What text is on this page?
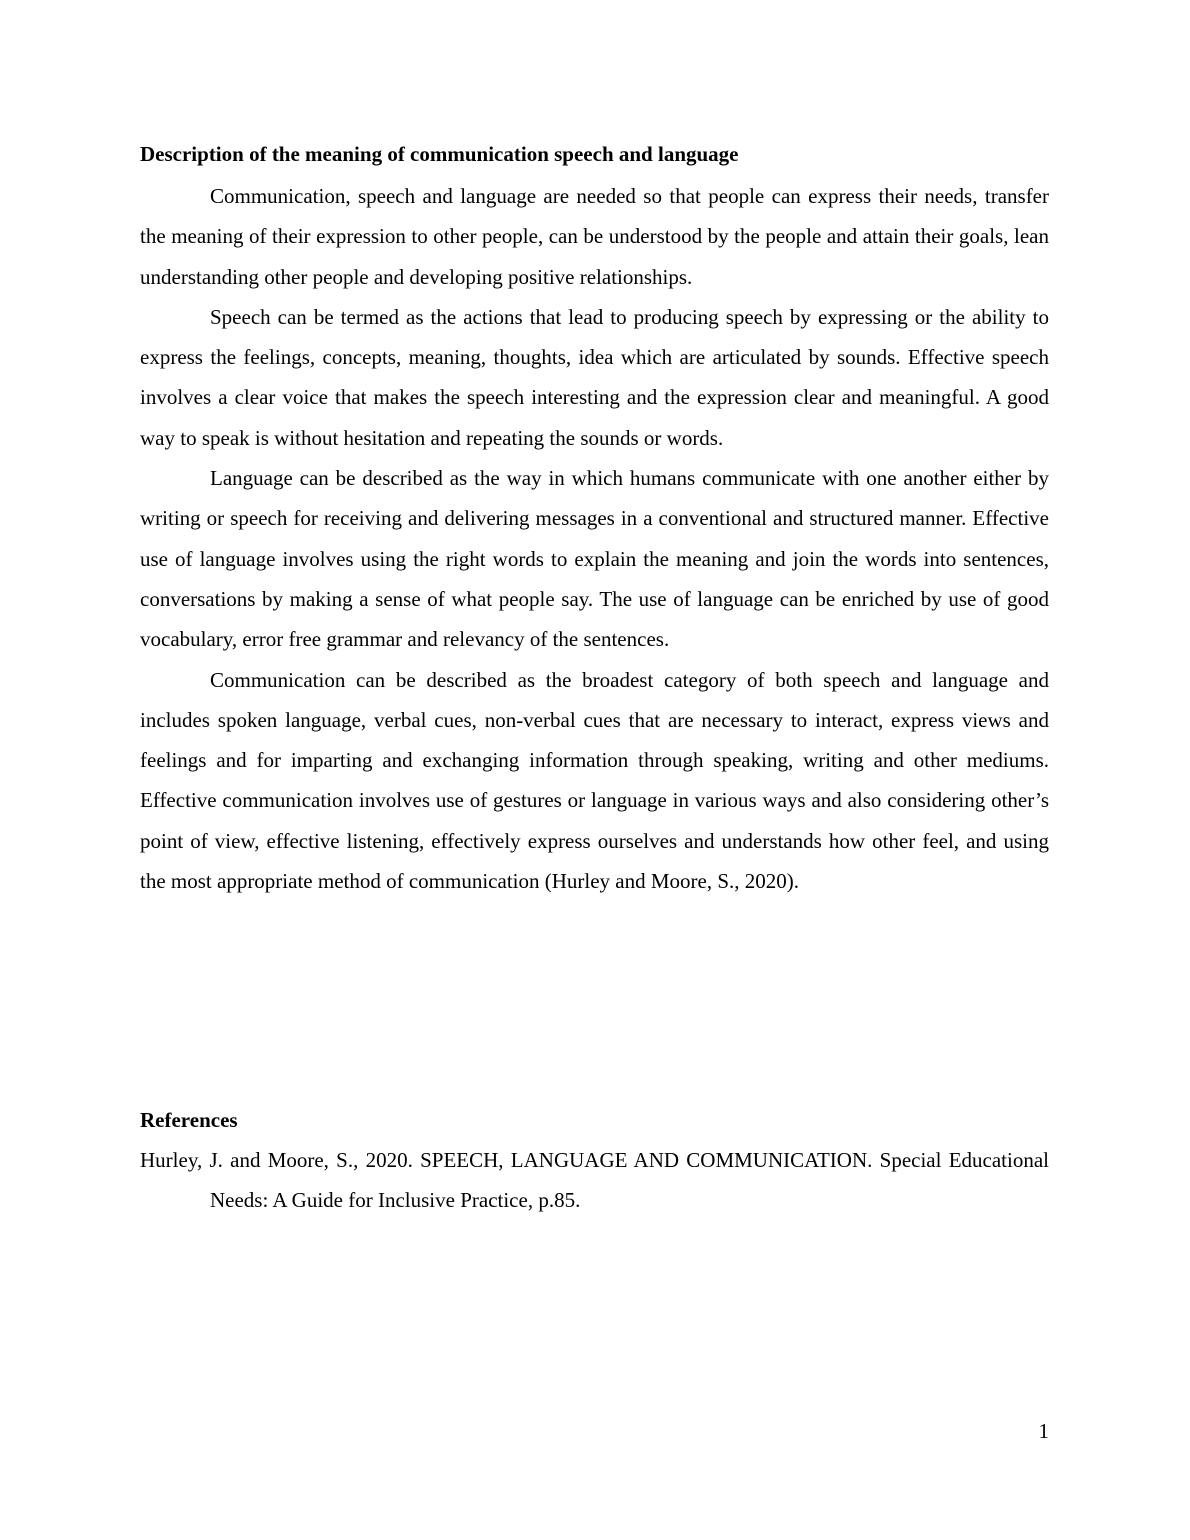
Description of the meaning of communication speech and language

Communication, speech and language are needed so that people can express their needs, transfer the meaning of their expression to other people, can be understood by the people and attain their goals, lean understanding other people and developing positive relationships.

Speech can be termed as the actions that lead to producing speech by expressing or the ability to express the feelings, concepts, meaning, thoughts, idea which are articulated by sounds. Effective speech involves a clear voice that makes the speech interesting and the expression clear and meaningful. A good way to speak is without hesitation and repeating the sounds or words.

Language can be described as the way in which humans communicate with one another either by writing or speech for receiving and delivering messages in a conventional and structured manner. Effective use of language involves using the right words to explain the meaning and join the words into sentences, conversations by making a sense of what people say. The use of language can be enriched by use of good vocabulary, error free grammar and relevancy of the sentences.

Communication can be described as the broadest category of both speech and language and includes spoken language, verbal cues, non-verbal cues that are necessary to interact, express views and feelings and for imparting and exchanging information through speaking, writing and other mediums. Effective communication involves use of gestures or language in various ways and also considering other’s point of view, effective listening, effectively express ourselves and understands how other feel, and using the most appropriate method of communication (Hurley and Moore, S., 2020).

References

Hurley, J. and Moore, S., 2020. SPEECH, LANGUAGE AND COMMUNICATION. Special Educational Needs: A Guide for Inclusive Practice, p.85.

1
